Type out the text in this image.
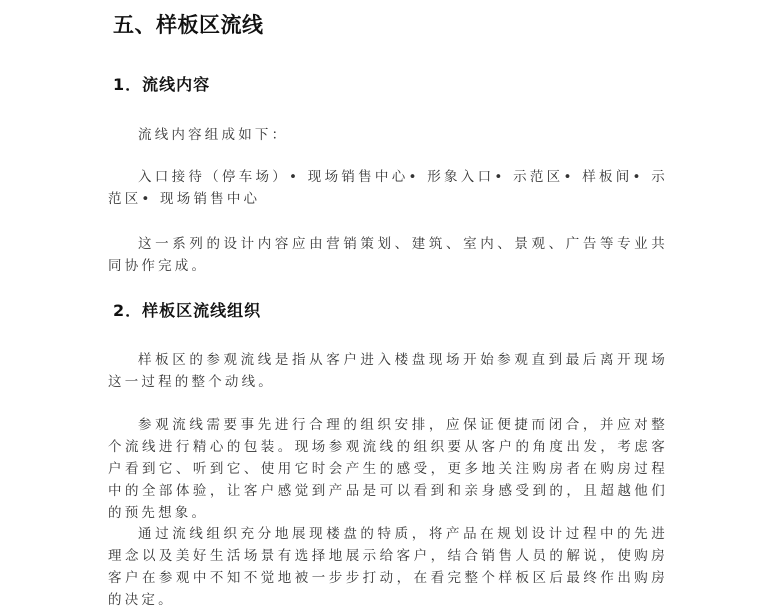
五、样板区流线
1．流线内容
流线内容组成如下：
入口接待（停车场）• 现场销售中心• 形象入口• 示范区• 样板间• 示范区• 现场销售中心
这一系列的设计内容应由营销策划、建筑、室内、景观、广告等专业共同协作完成。
2．样板区流线组织
样板区的参观流线是指从客户进入楼盘现场开始参观直到最后离开现场这一过程的整个动线。
参观流线需要事先进行合理的组织安排，应保证便捷而闭合，并应对整个流线进行精心的包装。现场参观流线的组织要从客户的角度出发，考虑客户看到它、听到它、使用它时会产生的感受，更多地关注购房者在购房过程中的全部体验，让客户感觉到产品是可以看到和亲身感受到的，且超越他们的预先想象。
通过流线组织充分地展现楼盘的特质，将产品在规划设计过程中的先进理念以及美好生活场景有选择地展示给客户，结合销售人员的解说，使购房客户在参观中不知不觉地被一步步打动，在看完整个样板区后最终作出购房的决定。
